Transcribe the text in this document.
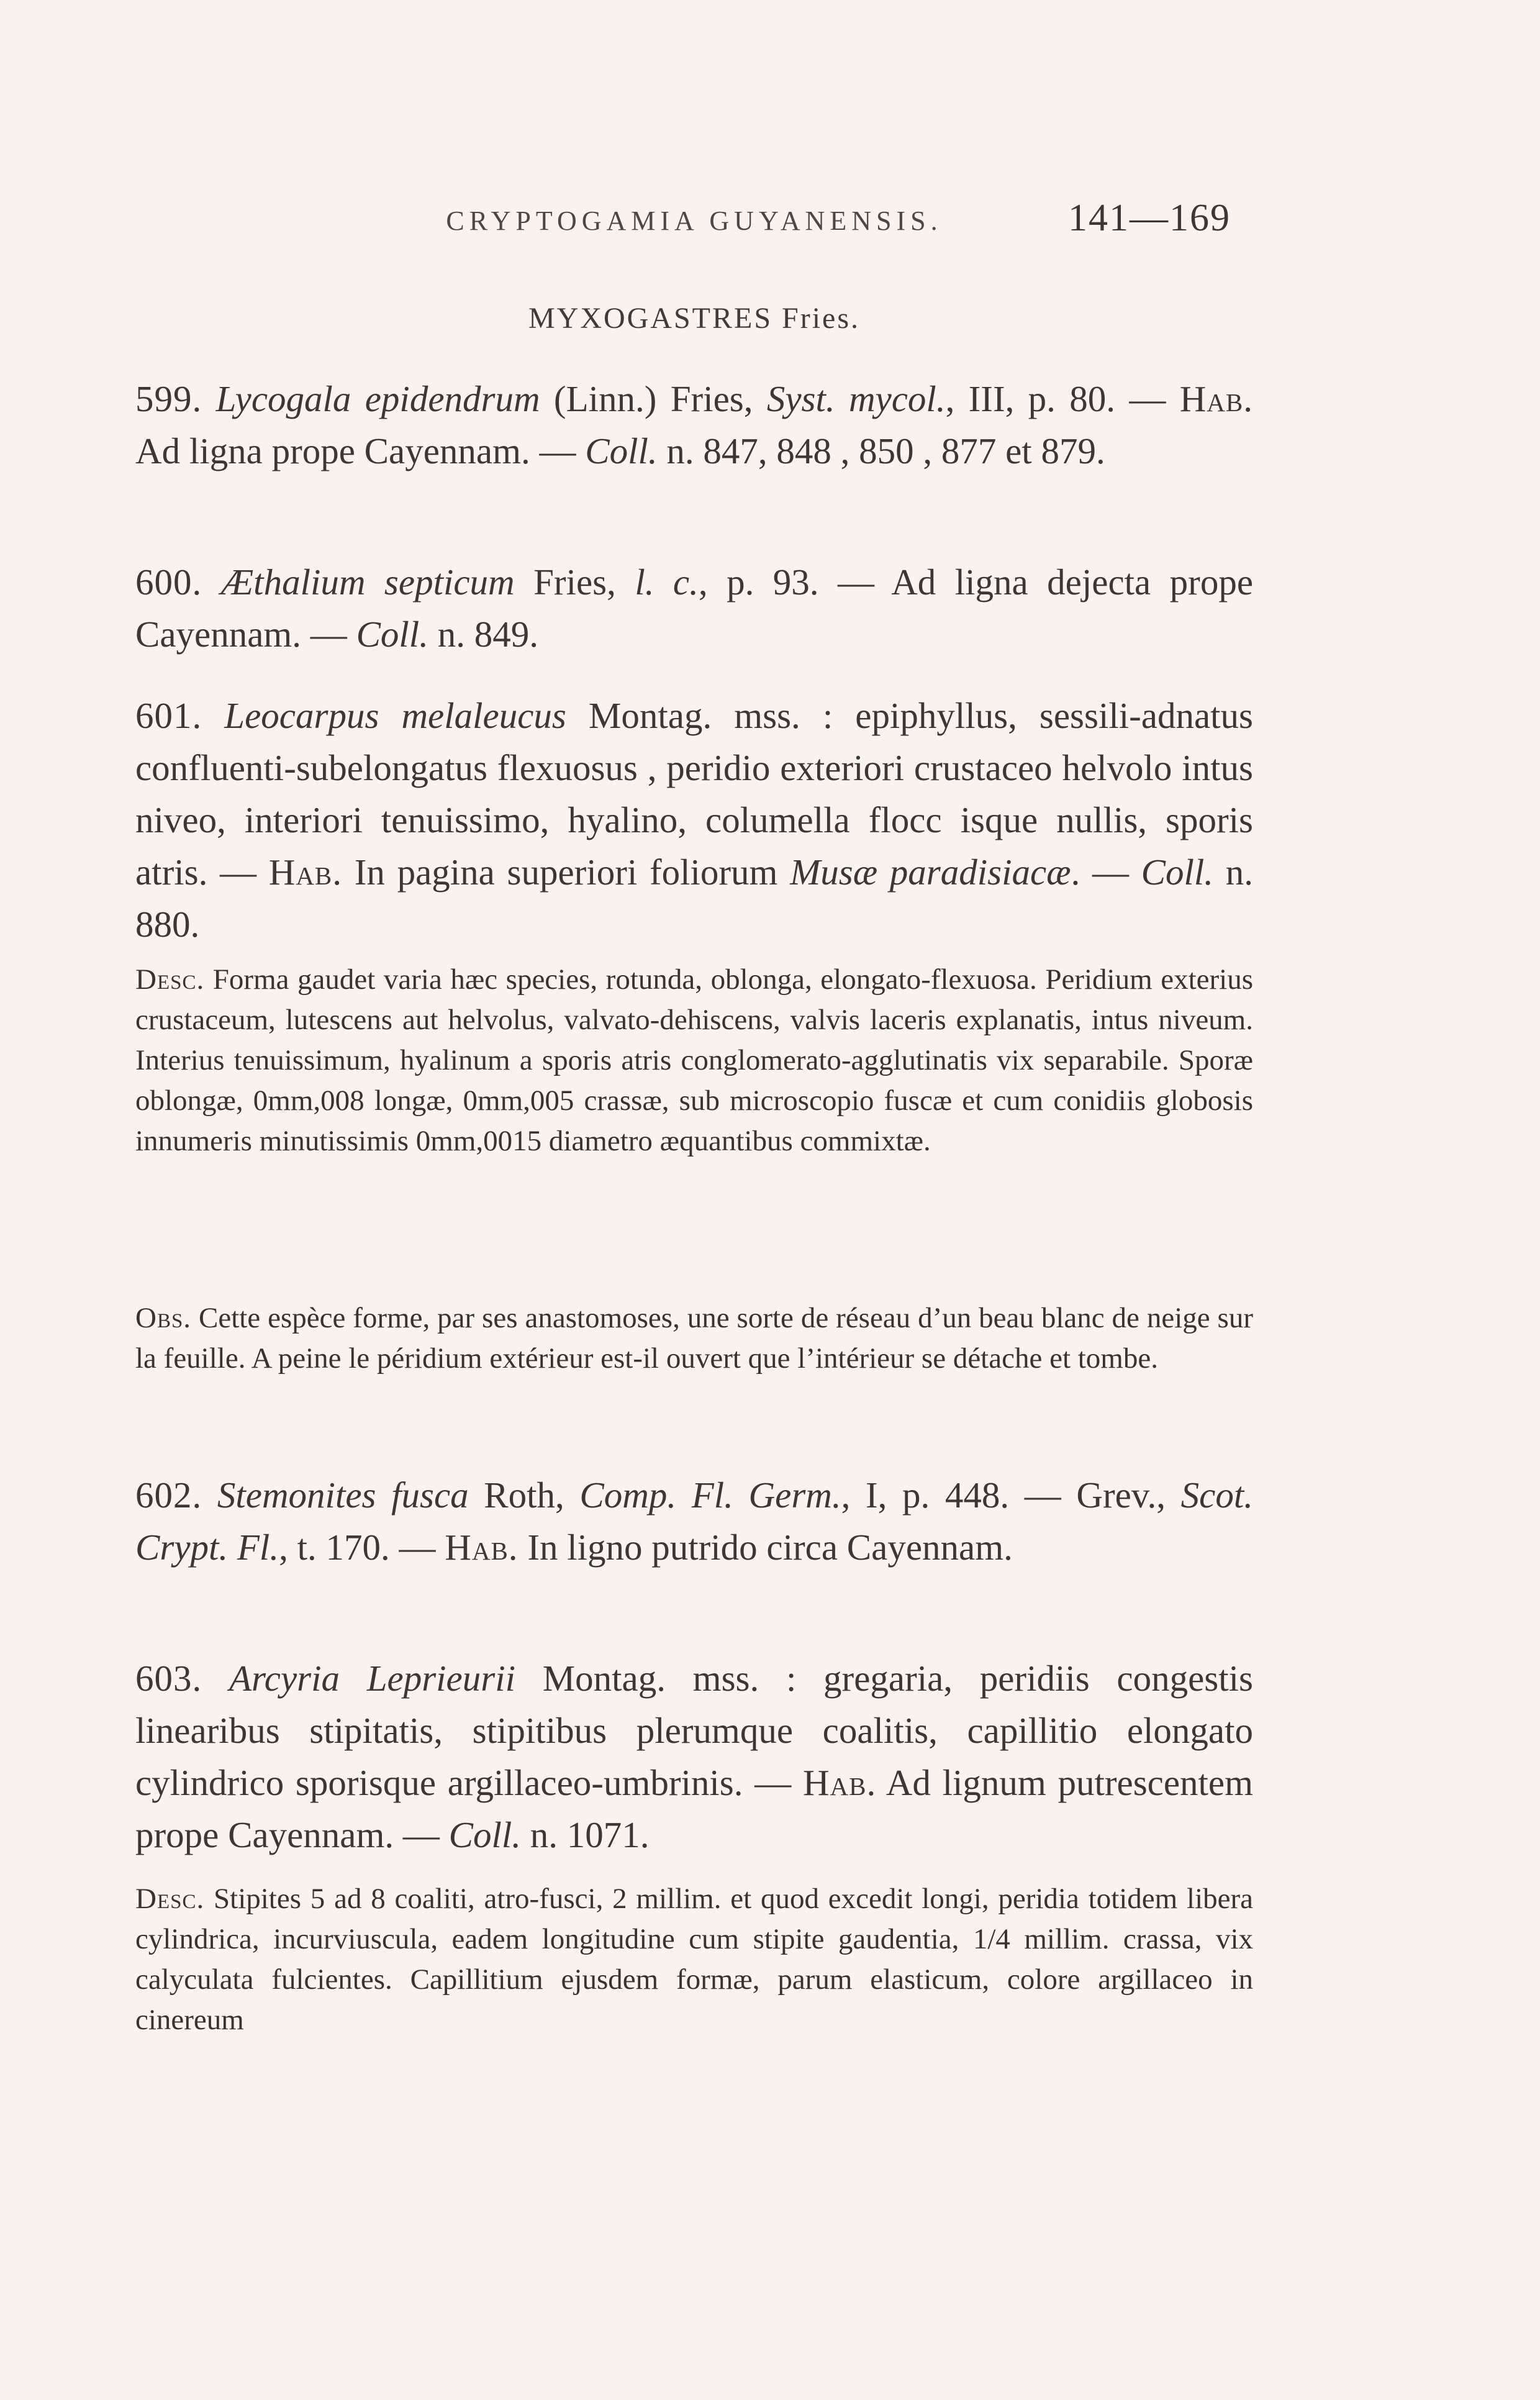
CRYPTOGAMIA GUYANENSIS.	141—169
MYXOGASTRES Fries.

599. Lycogala epidendrum (Linn.) Fries, Syst. mycol., III, p. 80. — Hab. Ad ligna prope Cayennam. — Coll. n. 847, 848 , 850 , 877 et 879.

600. Æthalium septicum Fries, l. c., p. 93. — Ad ligna dejecta prope Cayennam. — Coll. n. 849.

601. Leocarpus melaleucus Montag. mss. : epiphyllus, sessili-adnatus confluenti-subelongatus flexuosus , peridio exteriori crustaceo helvolo intus niveo, interiori tenuissimo, hyalino, columella flocc isque nullis, sporis atris. — Hab. In pagina superiori foliorum Musæ paradisiacæ. — Coll. n. 880.

Desc. Forma gaudet varia hæc species, rotunda, oblonga, elongato-flexuosa. Peridium exterius crustaceum, lutescens aut helvolus, valvato-dehiscens, valvis laceris explanatis, intus niveum. Interius tenuissimum, hyalinum a sporis atris conglomerato-agglutinatis vix separabile. Sporæ oblongæ, 0mm,008 longæ, 0mm,005 crassæ, sub microscopio fuscæ et cum conidiis globosis innumeris minutissimis 0mm,0015 diametro æquantibus commixtæ.

Obs. Cette espèce forme, par ses anastomoses, une sorte de réseau d’un beau blanc de neige sur la feuille. A peine le péridium extérieur est-il ouvert que l’intérieur se détache et tombe.

602. Stemonites fusca Roth, Comp. Fl. Germ., I, p. 448. — Grev., Scot. Crypt. Fl., t. 170. — Hab. In ligno putrido circa Cayennam.

603. Arcyria Leprieurii Montag. mss. : gregaria, peridiis congestis linearibus stipitatis, stipitibus plerumque coalitis, capillitio elongato cylindrico sporisque argillaceo-umbrinis. — Hab. Ad lignum putrescentem prope Cayennam. — Coll. n. 1071.

Desc. Stipites 5 ad 8 coaliti, atro-fusci, 2 millim. et quod excedit longi, peridia totidem libera cylindrica, incurviuscula, eadem longitudine cum stipite gaudentia, 1/4 millim. crassa, vix calyculata fulcientes. Capillitium ejusdem formæ, parum elasticum, colore argillaceo in cinereum
